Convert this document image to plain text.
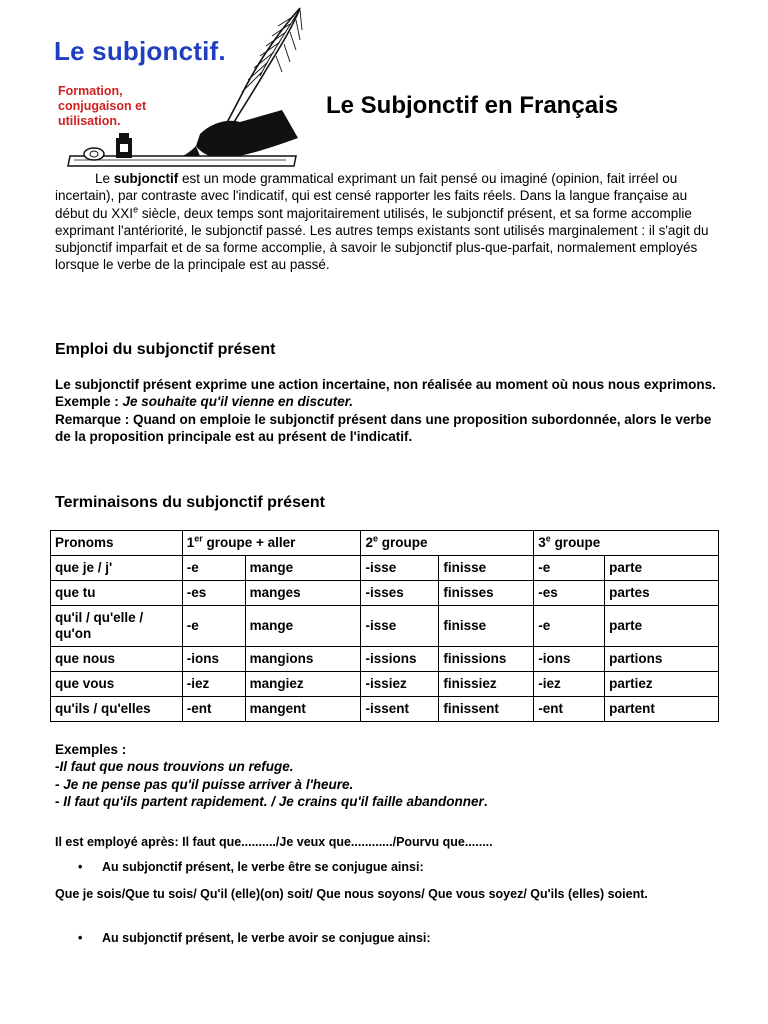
Le subjonctif.
Formation, conjugaison et utilisation.
Le Subjonctif en Français
Le subjonctif est un mode grammatical exprimant un fait pensé ou imaginé (opinion, fait irréel ou incertain), par contraste avec l'indicatif, qui est censé rapporter les faits réels. Dans la langue française au début du XXIe siècle, deux temps sont majoritairement utilisés, le subjonctif présent, et sa forme accomplie exprimant l'antériorité, le subjonctif passé. Les autres temps existants sont utilisés marginalement : il s'agit du subjonctif imparfait et de sa forme accomplie, à savoir le subjonctif plus-que-parfait, normalement employés lorsque le verbe de la principale est au passé.
Emploi du subjonctif présent
Le subjonctif présent exprime une action incertaine, non réalisée au moment où nous nous exprimons.
Exemple : Je souhaite qu'il vienne en discuter.
Remarque : Quand on emploie le subjonctif présent dans une proposition subordonnée, alors le verbe de la proposition principale est au présent de l'indicatif.
Terminaisons du subjonctif présent
Pronoms	1er groupe + aller		2e groupe		3e groupe	
que je / j'	-e	mange	-isse	finisse	-e	parte
que tu	-es	manges	-isses	finisses	-es	partes
qu'il / qu'elle / qu'on	-e	mange	-isse	finisse	-e	parte
que nous	-ions	mangions	-issions	finissions	-ions	partions
que vous	-iez	mangiez	-issiez	finissiez	-iez	partiez
qu'ils / qu'elles	-ent	mangent	-issent	finissent	-ent	partent
Exemples :
-Il faut que nous trouvions un refuge.
- Je ne pense pas qu'il puisse arriver à l'heure.
- Il faut qu'ils partent rapidement. / Je crains qu'il faille abandonner.
Il est employé après: Il faut que........../Je veux que............/Pourvu que........
• Au subjonctif présent, le verbe être se conjugue ainsi:
Que je sois/Que tu sois/ Qu'il (elle)(on) soit/ Que nous soyons/ Que vous soyez/ Qu'ils (elles) soient.
• Au subjonctif présent, le verbe avoir se conjugue ainsi:
